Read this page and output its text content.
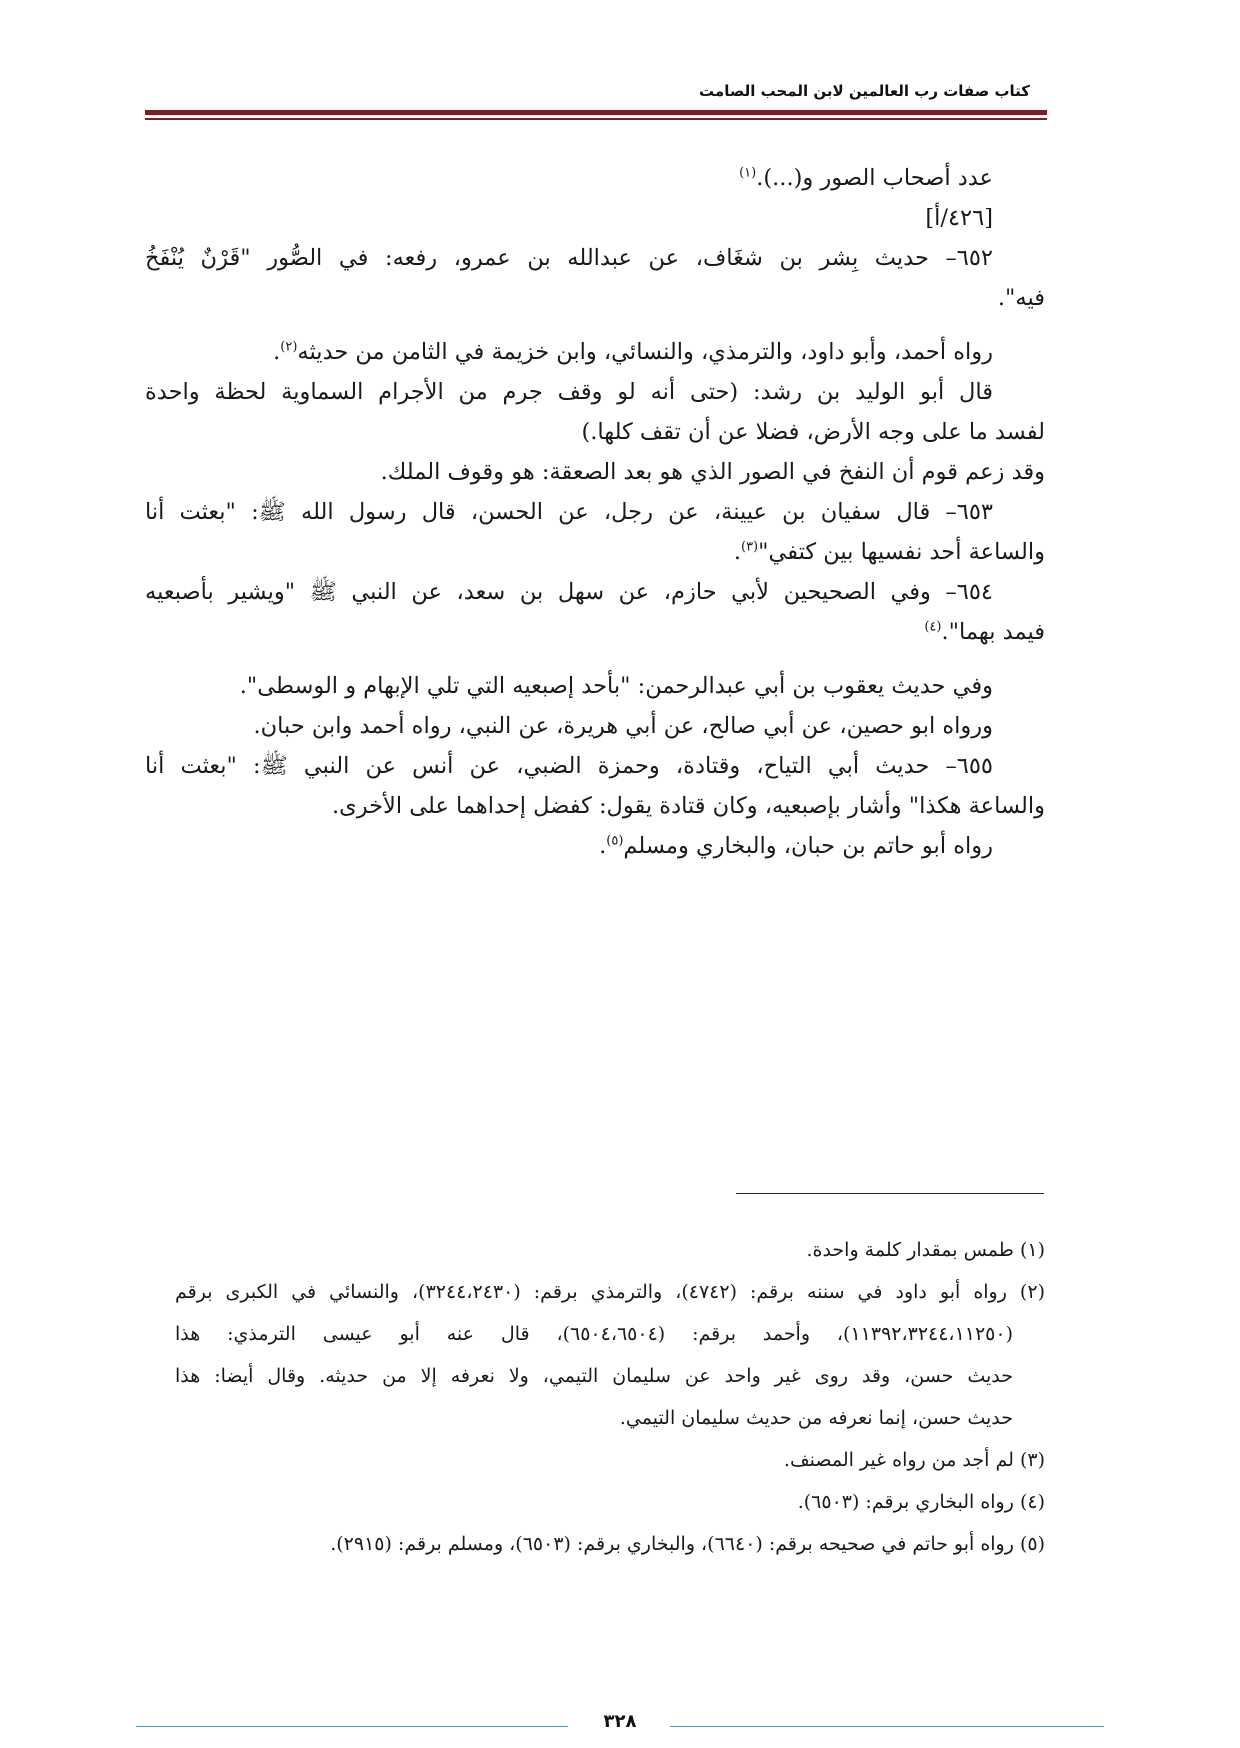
كتاب صفات رب العالمين لابن المحب الصامت
عدد أصحاب الصور و(...).$^{(١)}$
[٤٢٦/أ]
٦٥٢– حديث بِشر بن شغَاف، عن عبدالله بن عمرو، رفعه: في الصُّور "قَرْنٌ يُنْفَخُ
فيه".
رواه أحمد، وأبو داود، والترمذي، والنسائي، وابن خزيمة في الثامن من حديثه$^{(٢)}$.
قال أبو الوليد بن رشد: (حتى أنه لو وقف جرم من الأجرام السماوية لحظة واحدة
لفسد ما على وجه الأرض، فضلا عن أن تقف كلها.)
وقد زعم قوم أن النفخ في الصور الذي هو بعد الصعقة: هو وقوف الملك.
٦٥٣– قال سفيان بن عيينة، عن رجل، عن الحسن، قال رسول الله ﷺ: "بعثت أنا
والساعة أحد نفسيها بين كتفي"$^{(٣)}$.
٦٥٤– وفي الصحيحين لأبي حازم، عن سهل بن سعد، عن النبي ﷺ "ويشير بأصبعيه
فيمد بهما".$^{(٤)}$
وفي حديث يعقوب بن أبي عبدالرحمن: "بأحد إصبعيه التي تلي الإبهام و الوسطى".
ورواه ابو حصين، عن أبي صالح، عن أبي هريرة، عن النبي، رواه أحمد وابن حبان.
٦٥٥– حديث أبي التياح، وقتادة، وحمزة الضبي، عن أنس عن النبي ﷺ: "بعثت أنا
والساعة هكذا" وأشار بإصبعيه، وكان قتادة يقول: كفضل إحداهما على الأخرى.
رواه أبو حاتم بن حبان، والبخاري ومسلم$^{(٥)}$.
(١) طمس بمقدار كلمة واحدة.
(٢) رواه أبو داود في سننه برقم: (٤٧٤٢)، والترمذي برقم: (٣٢٤٤،٢٤٣٠)، والنسائي في الكبرى برقم
(١١٣٩٢،٣٢٤٤،١١٢٥٠)، وأحمد برقم: (٦٥٠٤،٦٥٠٤)، قال عنه أبو عيسى الترمذي: هذا
حديث حسن، وقد روى غير واحد عن سليمان التيمي، ولا نعرفه إلا من حديثه. وقال أيضا: هذا
حديث حسن، إنما نعرفه من حديث سليمان التيمي.
(٣) لم أجد من رواه غير المصنف.
(٤) رواه البخاري برقم: (٦٥٠٣).
(٥) رواه أبو حاتم في صحيحه برقم: (٦٦٤٠)، والبخاري برقم: (٦٥٠٣)، ومسلم برقم: (٢٩١٥).
٣٢٨
